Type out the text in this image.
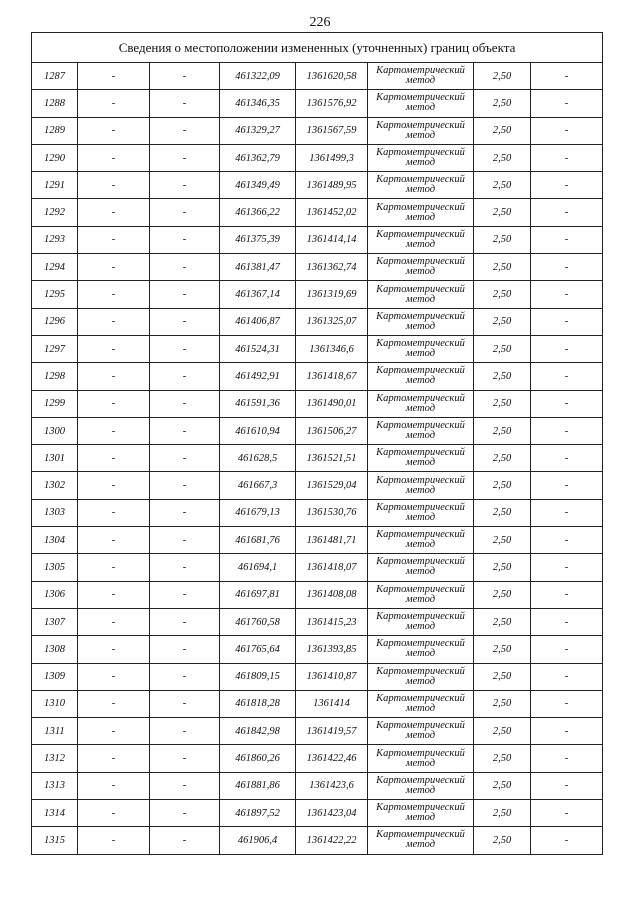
226
Сведения о местоположении измененных (уточненных) границ объекта							
1287	-	-	461322,09	1361620,58	Картометрический
метод	2,50	-
1288	-	-	461346,35	1361576,92	Картометрический
метод	2,50	-
1289	-	-	461329,27	1361567,59	Картометрический
метод	2,50	-
1290	-	-	461362,79	1361499,3	Картометрический
метод	2,50	-
1291	-	-	461349,49	1361489,95	Картометрический
метод	2,50	-
1292	-	-	461366,22	1361452,02	Картометрический
метод	2,50	-
1293	-	-	461375,39	1361414,14	Картометрический
метод	2,50	-
1294	-	-	461381,47	1361362,74	Картометрический
метод	2,50	-
1295	-	-	461367,14	1361319,69	Картометрический
метод	2,50	-
1296	-	-	461406,87	1361325,07	Картометрический
метод	2,50	-
1297	-	-	461524,31	1361346,6	Картометрический
метод	2,50	-
1298	-	-	461492,91	1361418,67	Картометрический
метод	2,50	-
1299	-	-	461591,36	1361490,01	Картометрический
метод	2,50	-
1300	-	-	461610,94	1361506,27	Картометрический
метод	2,50	-
1301	-	-	461628,5	1361521,51	Картометрический
метод	2,50	-
1302	-	-	461667,3	1361529,04	Картометрический
метод	2,50	-
1303	-	-	461679,13	1361530,76	Картометрический
метод	2,50	-
1304	-	-	461681,76	1361481,71	Картометрический
метод	2,50	-
1305	-	-	461694,1	1361418,07	Картометрический
метод	2,50	-
1306	-	-	461697,81	1361408,08	Картометрический
метод	2,50	-
1307	-	-	461760,58	1361415,23	Картометрический
метод	2,50	-
1308	-	-	461765,64	1361393,85	Картометрический
метод	2,50	-
1309	-	-	461809,15	1361410,87	Картометрический
метод	2,50	-
1310	-	-	461818,28	1361414	Картометрический
метод	2,50	-
1311	-	-	461842,98	1361419,57	Картометрический
метод	2,50	-
1312	-	-	461860,26	1361422,46	Картометрический
метод	2,50	-
1313	-	-	461881,86	1361423,6	Картометрический
метод	2,50	-
1314	-	-	461897,52	1361423,04	Картометрический
метод	2,50	-
1315	-	-	461906,4	1361422,22	Картометрический
метод	2,50	-
